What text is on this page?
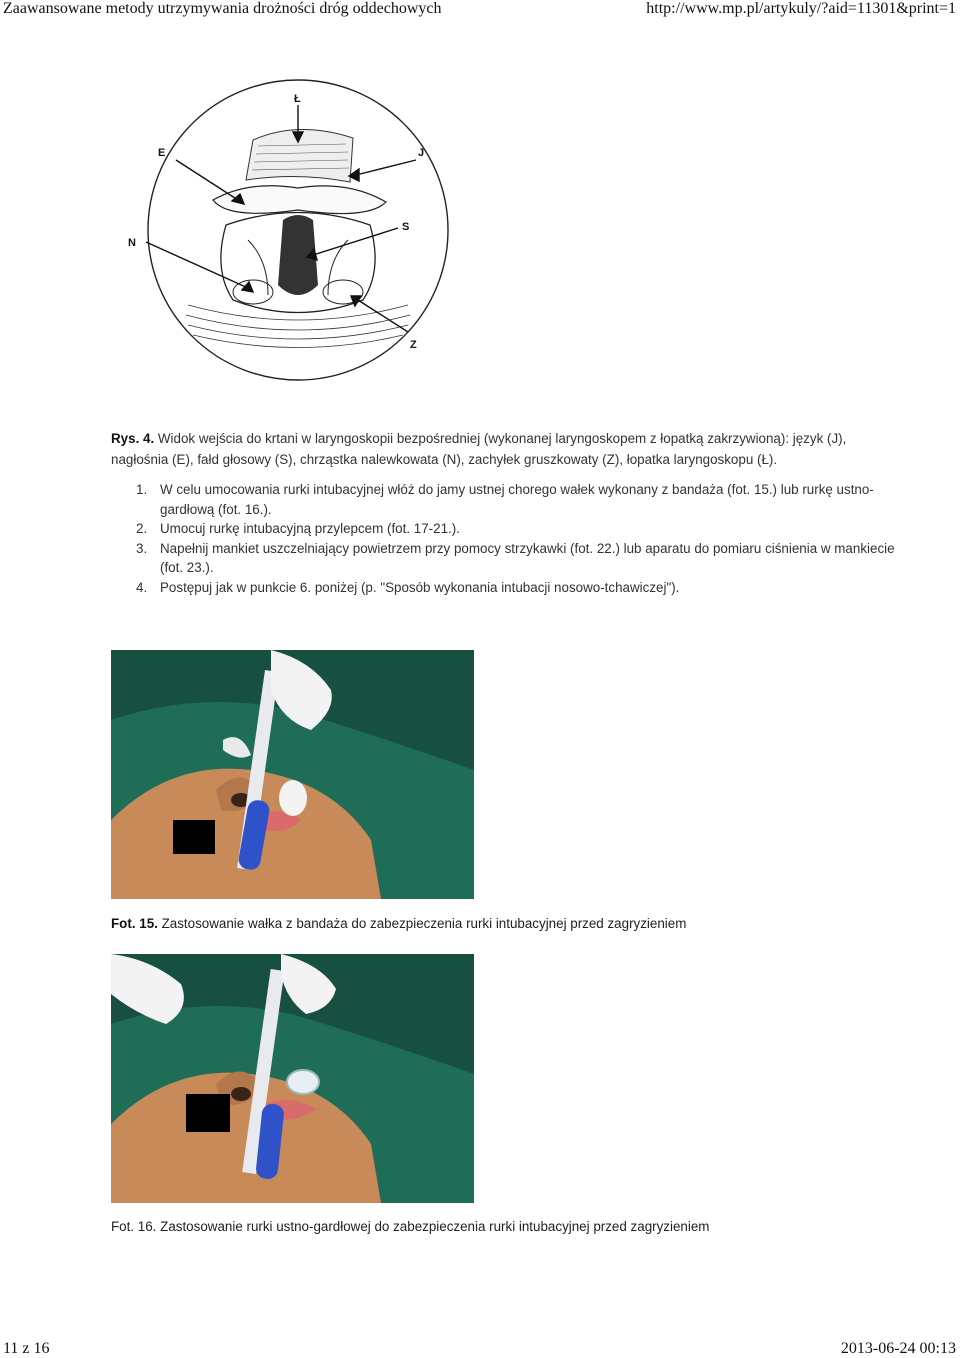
Zaawansowane metody utrzymywania drożności dróg oddechowych	http://www.mp.pl/artykuly/?aid=11301&print=1
Ł
E	J
S
N
Z
Rys. 4. Widok wejścia do krtani w laryngoskopii bezpośredniej (wykonanej laryngoskopem z łopatką zakrzywioną): język (J), nagłośnia (E), fałd głosowy (S), chrząstka nalewkowata (N), zachyłek gruszkowaty (Z), łopatka laryngoskopu (Ł).
1. W celu umocowania rurki intubacyjnej włóż do jamy ustnej chorego wałek wykonany z bandaża (fot. 15.) lub rurkę ustno-gardłową (fot. 16.).
2. Umocuj rurkę intubacyjną przylepcem (fot. 17-21.).
3. Napełnij mankiet uszczelniający powietrzem przy pomocy strzykawki (fot. 22.) lub aparatu do pomiaru ciśnienia w mankiecie (fot. 23.).
4. Postępuj jak w punkcie 6. poniżej (p. "Sposób wykonania intubacji nosowo-tchawiczej").
Fot. 15. Zastosowanie wałka z bandaża do zabezpieczenia rurki intubacyjnej przed zagryzieniem
Fot. 16. Zastosowanie rurki ustno-gardłowej do zabezpieczenia rurki intubacyjnej przed zagryzieniem
11 z 16	2013-06-24 00:13
